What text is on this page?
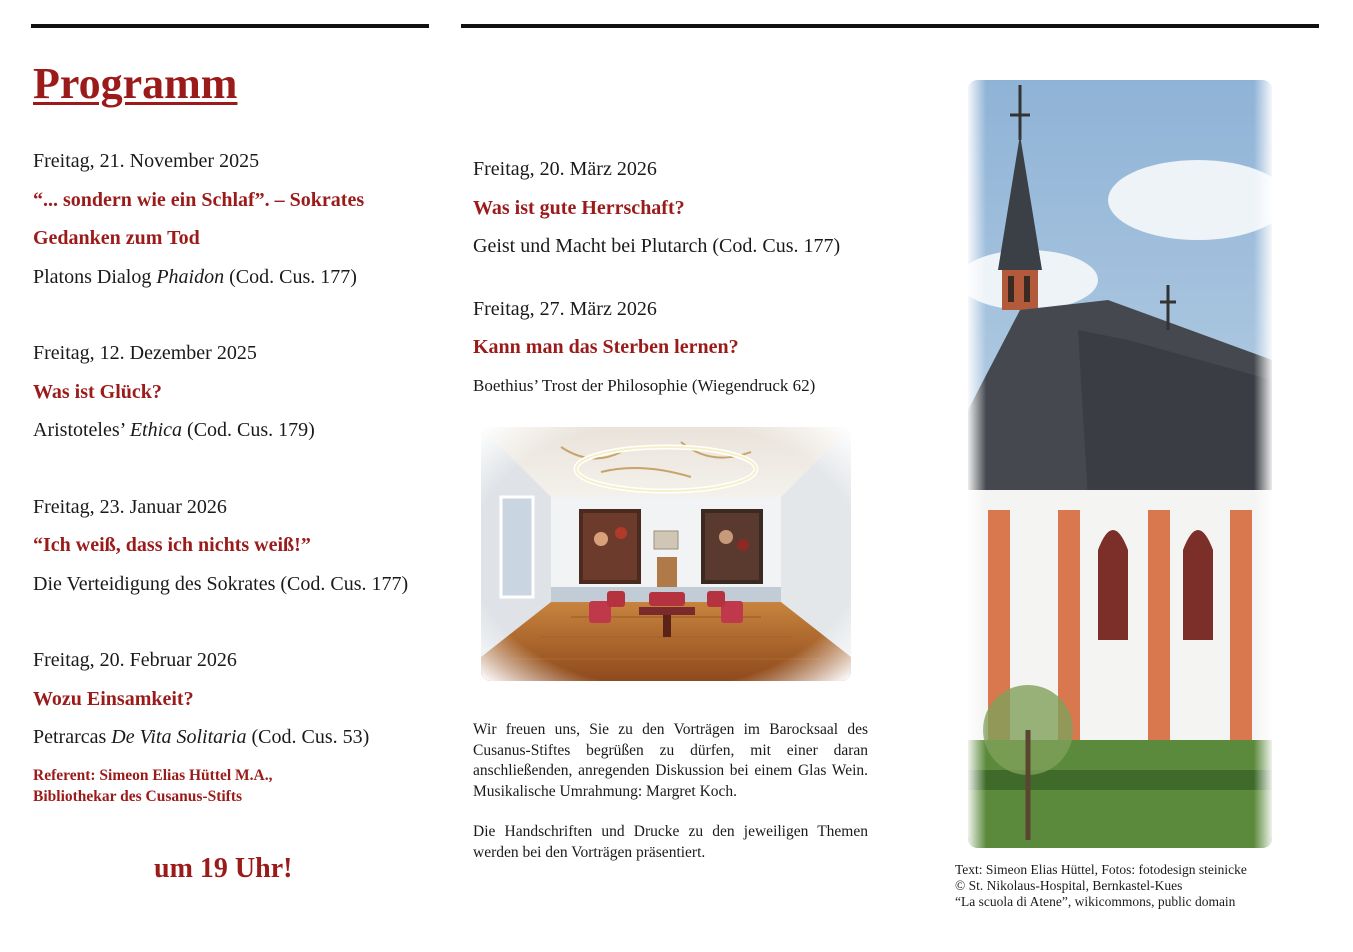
Programm
Freitag, 21. November 2025
“... sondern wie ein Schlaf”. – Sokrates
Gedanken zum Tod
Platons Dialog Phaidon (Cod. Cus. 177)
Freitag, 12. Dezember 2025
Was ist Glück?
Aristoteles’ Ethica (Cod. Cus. 179)
Freitag, 23. Januar 2026
“Ich weiß, dass ich nichts weiß!”
Die Verteidigung des Sokrates (Cod. Cus. 177)
Freitag, 20. Februar 2026
Wozu Einsamkeit?
Petrarcas De Vita Solitaria (Cod. Cus. 53)
Referent: Simeon Elias Hüttel M.A.,
Bibliothekar des Cusanus-Stifts
um 19 Uhr!
Freitag, 20. März 2026
Was ist gute Herrschaft?
Geist und Macht bei Plutarch (Cod. Cus. 177)
Freitag, 27. März 2026
Kann man das Sterben lernen?
Boethius’ Trost der Philosophie (Wiegendruck 62)

Wir freuen uns, Sie zu den Vorträgen im Barocksaal des Cusanus-Stiftes begrüßen zu dürfen, mit einer daran anschließenden, anregenden Diskussion bei einem Glas Wein. Musikalische Umrahmung: Margret Koch.

Die Handschriften und Drucke zu den jeweiligen Themen werden bei den Vorträgen präsentiert.

Text: Simeon Elias Hüttel, Fotos: fotodesign steinicke
© St. Nikolaus-Hospital, Bernkastel-Kues
“La scuola di Atene”, wikicommons, public domain
